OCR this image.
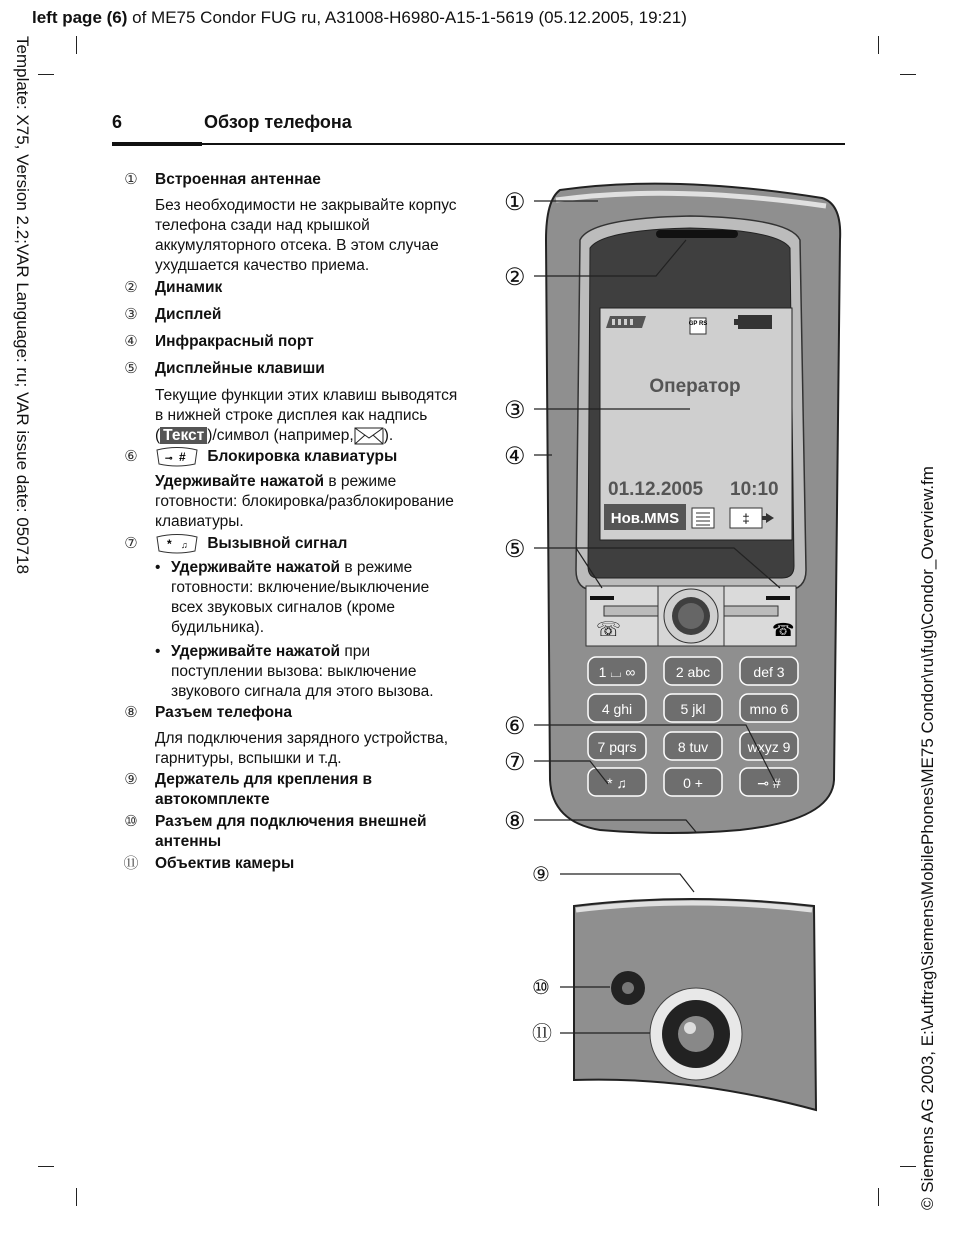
left page (6) of ME75 Condor FUG ru, A31008-H6980-A15-1-5619 (05.12.2005, 19:21)
Template: X75, Version 2.2;VAR Language: ru; VAR issue date: 050718
© Siemens AG 2003, E:\Auftrag\Siemens\MobilePhones\ME75 Condor\ru\fug\Condor_Overview.fm
6	Обзор телефона
① Встроенная антеннае
Без необходимости не закрывайте корпус
телефона сзади над крышкой
аккумуляторного отсека. В этом случае
ухудшается качество приема.
② Динамик
③ Дисплей
④ Инфракрасный порт
⑤ Дисплейные клавиши
Текущие функции этих клавиш выводятся
в нижней строке дисплея как надпись
( Текст )/символ (например, ).
⑥	⊸ # Блокировка клавиатуры
Удерживайте нажатой в режиме
готовности: блокировка/разблокирование
клавиатуры.
⑦	* ♫ Вызывной сигнал
• Удерживайте нажатой в режиме
готовности: включение/выключение
всех звуковых сигналов (кроме
будильника).
• Удерживайте нажатой при
поступлении вызова: выключение
звукового сигнала для этого вызова.
⑧ Разъем телефона
Для подключения зарядного устройства,
гарнитуры, вспышки и т.д.
⑨ Держатель для крепления в
автокомплекте
⑩ Разъем для подключения внешней
антенны
⑪ Объектив камеры
GP RS
Оператор
01.12.2005 10:10
Нов.MMS	‡
☏	☎
1 ⌴ ∞	2 abc	def 3
4 ghi	5 jkl	mno 6
7 pqrs	8 tuv	wxyz 9
* ♫	0 +	⊸ #
①
②
③
④
⑤
⑥
⑦
⑧
⑨
⑩
⑪
